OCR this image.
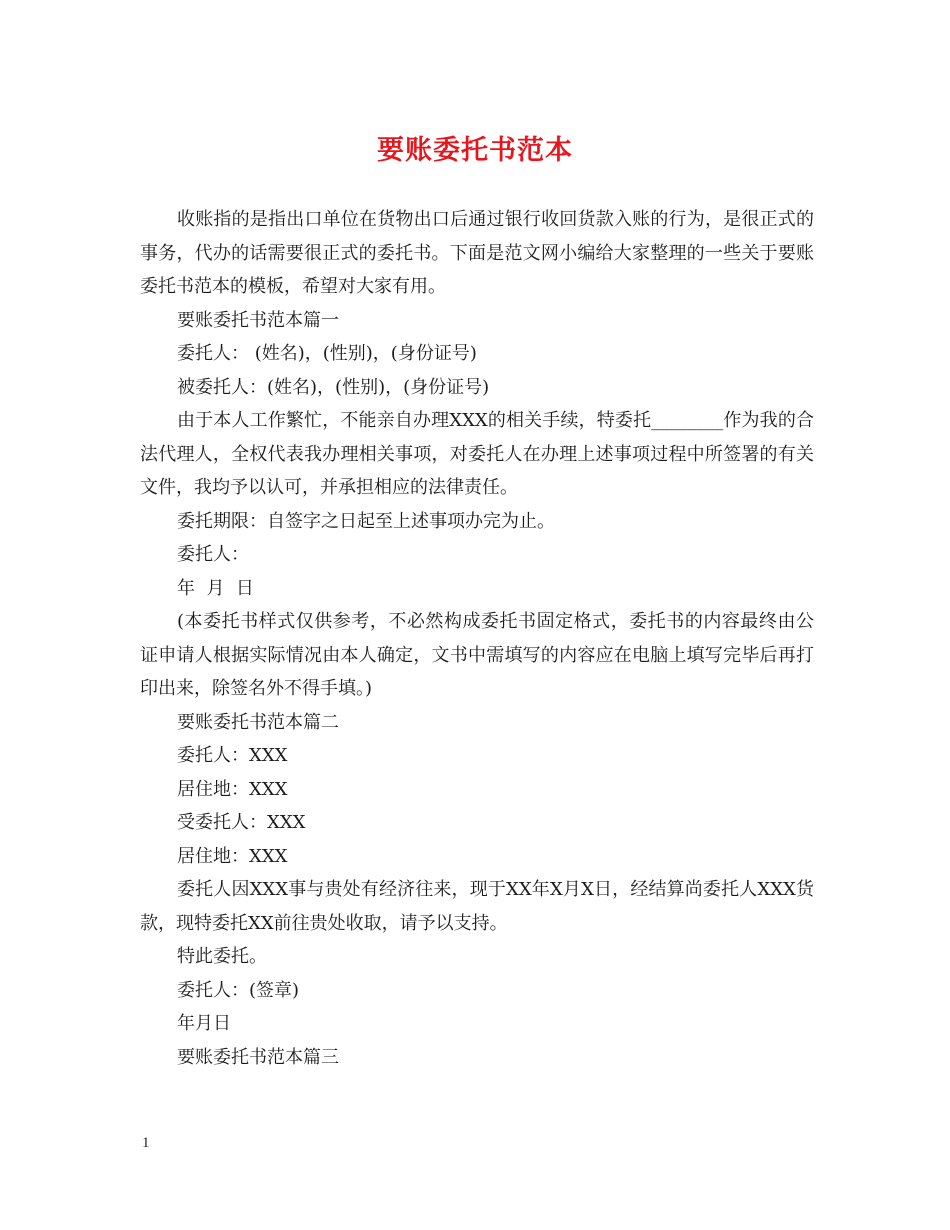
要账委托书范本

收账指的是指出口单位在货物出口后通过银行收回货款入账的行为，是很正式的事务，代办的话需要很正式的委托书。下面是范文网小编给大家整理的一些关于要账委托书范本的模板，希望对大家有用。

要账委托书范本篇一

委托人： (姓名)，(性别)，(身份证号)

被委托人：(姓名)，(性别)，(身份证号)

由于本人工作繁忙，不能亲自办理XXX的相关手续，特委托________作为我的合法代理人，全权代表我办理相关事项，对委托人在办理上述事项过程中所签署的有关文件，我均予以认可，并承担相应的法律责任。

委托期限：自签字之日起至上述事项办完为止。

委托人：

年  月  日

(本委托书样式仅供参考，不必然构成委托书固定格式，委托书的内容最终由公证申请人根据实际情况由本人确定，文书中需填写的内容应在电脑上填写完毕后再打印出来，除签名外不得手填。)

要账委托书范本篇二

委托人：XXX

居住地：XXX

受委托人：XXX

居住地：XXX

委托人因XXX事与贵处有经济往来，现于XX年X月X日，经结算尚委托人XXX货款，现特委托XX前往贵处收取，请予以支持。

特此委托。

委托人：(签章)

年月日

要账委托书范本篇三

1
